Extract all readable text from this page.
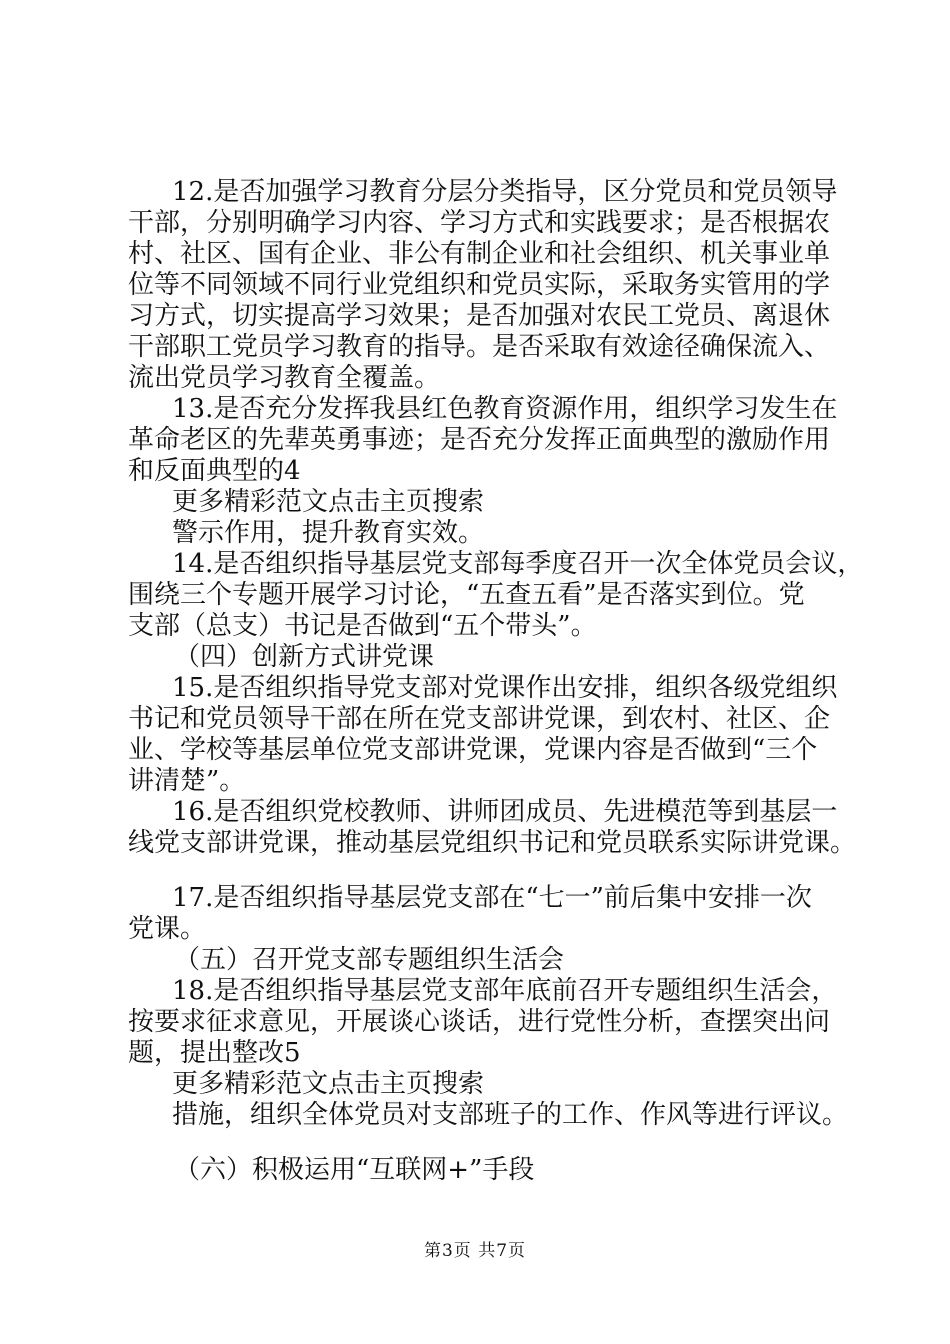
12.是否加强学习教育分层分类指导，区分党员和党员领导
干部，分别明确学习内容、学习方式和实践要求；是否根据农
村、社区、国有企业、非公有制企业和社会组织、机关事业单
位等不同领域不同行业党组织和党员实际，采取务实管用的学
习方式，切实提高学习效果；是否加强对农民工党员、离退休
干部职工党员学习教育的指导。是否采取有效途径确保流入、
流出党员学习教育全覆盖。
13.是否充分发挥我县红色教育资源作用，组织学习发生在
革命老区的先辈英勇事迹；是否充分发挥正面典型的激励作用
和反面典型的4
更多精彩范文点击主页搜索
警示作用，提升教育实效。
14.是否组织指导基层党支部每季度召开一次全体党员会议，
围绕三个专题开展学习讨论，“五查五看”是否落实到位。党
支部（总支）书记是否做到“五个带头”。
（四）创新方式讲党课
15.是否组织指导党支部对党课作出安排，组织各级党组织
书记和党员领导干部在所在党支部讲党课，到农村、社区、企
业、学校等基层单位党支部讲党课，党课内容是否做到“三个
讲清楚”。
16.是否组织党校教师、讲师团成员、先进模范等到基层一
线党支部讲党课，推动基层党组织书记和党员联系实际讲党课。
17.是否组织指导基层党支部在“七一”前后集中安排一次
党课。
（五）召开党支部专题组织生活会
18.是否组织指导基层党支部年底前召开专题组织生活会，
按要求征求意见，开展谈心谈话，进行党性分析，查摆突出问
题，提出整改5
更多精彩范文点击主页搜索
措施，组织全体党员对支部班子的工作、作风等进行评议。
（六）积极运用“互联网+”手段
第3页 共7页
